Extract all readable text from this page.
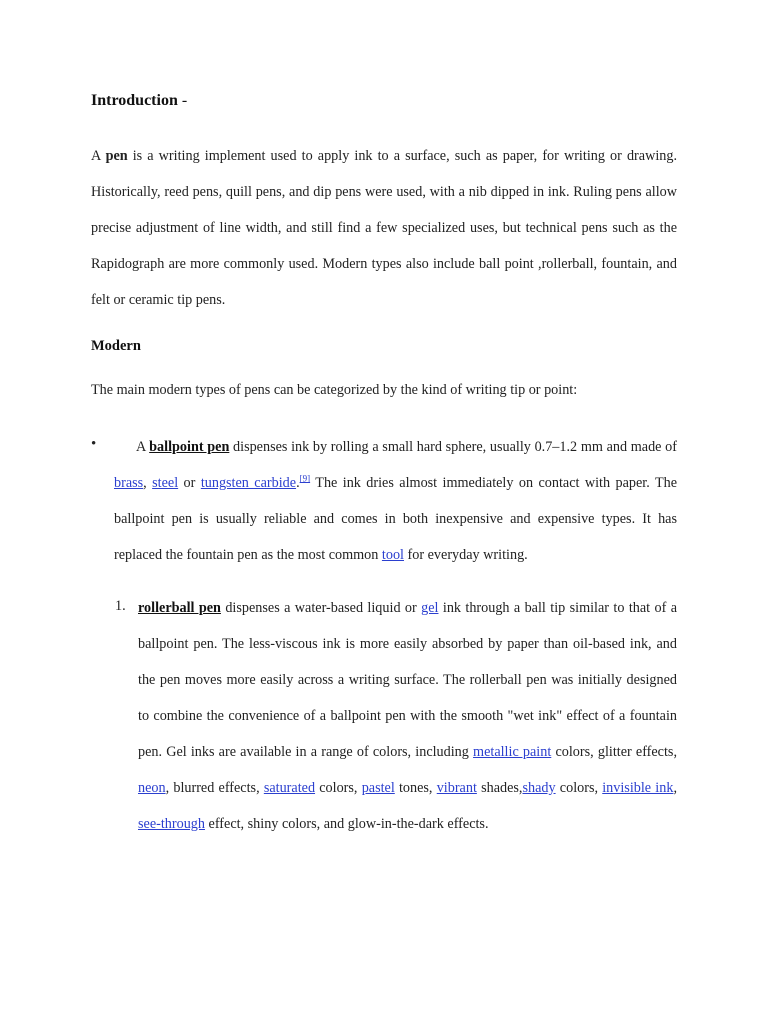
Introduction -

A pen is a writing implement used to apply ink to a surface, such as paper, for writing or drawing. Historically, reed pens, quill pens, and dip pens were used, with a nib dipped in ink. Ruling pens allow precise adjustment of line width, and still find a few specialized uses, but technical pens such as the Rapidograph are more commonly used. Modern types also include ball point ,rollerball, fountain, and felt or ceramic tip pens.

Modern
The main modern types of pens can be categorized by the kind of writing tip or point:
•	A ballpoint pen dispenses ink by rolling a small hard sphere, usually 0.7–1.2 mm and made of brass, steel or tungsten carbide.[9] The ink dries almost immediately on contact with paper. The ballpoint pen is usually reliable and comes in both inexpensive and expensive types. It has replaced the fountain pen as the most common tool for everyday writing.

1. rollerball pen dispenses a water-based liquid or gel ink through a ball tip similar to that of a ballpoint pen. The less-viscous ink is more easily absorbed by paper than oil-based ink, and the pen moves more easily across a writing surface. The rollerball pen was initially designed to combine the convenience of a ballpoint pen with the smooth "wet ink" effect of a fountain pen. Gel inks are available in a range of colors, including metallic paint colors, glitter effects, neon, blurred effects, saturated colors, pastel tones, vibrant shades,shady colors, invisible ink, see-through effect, shiny colors, and glow-in-the-dark effects.
